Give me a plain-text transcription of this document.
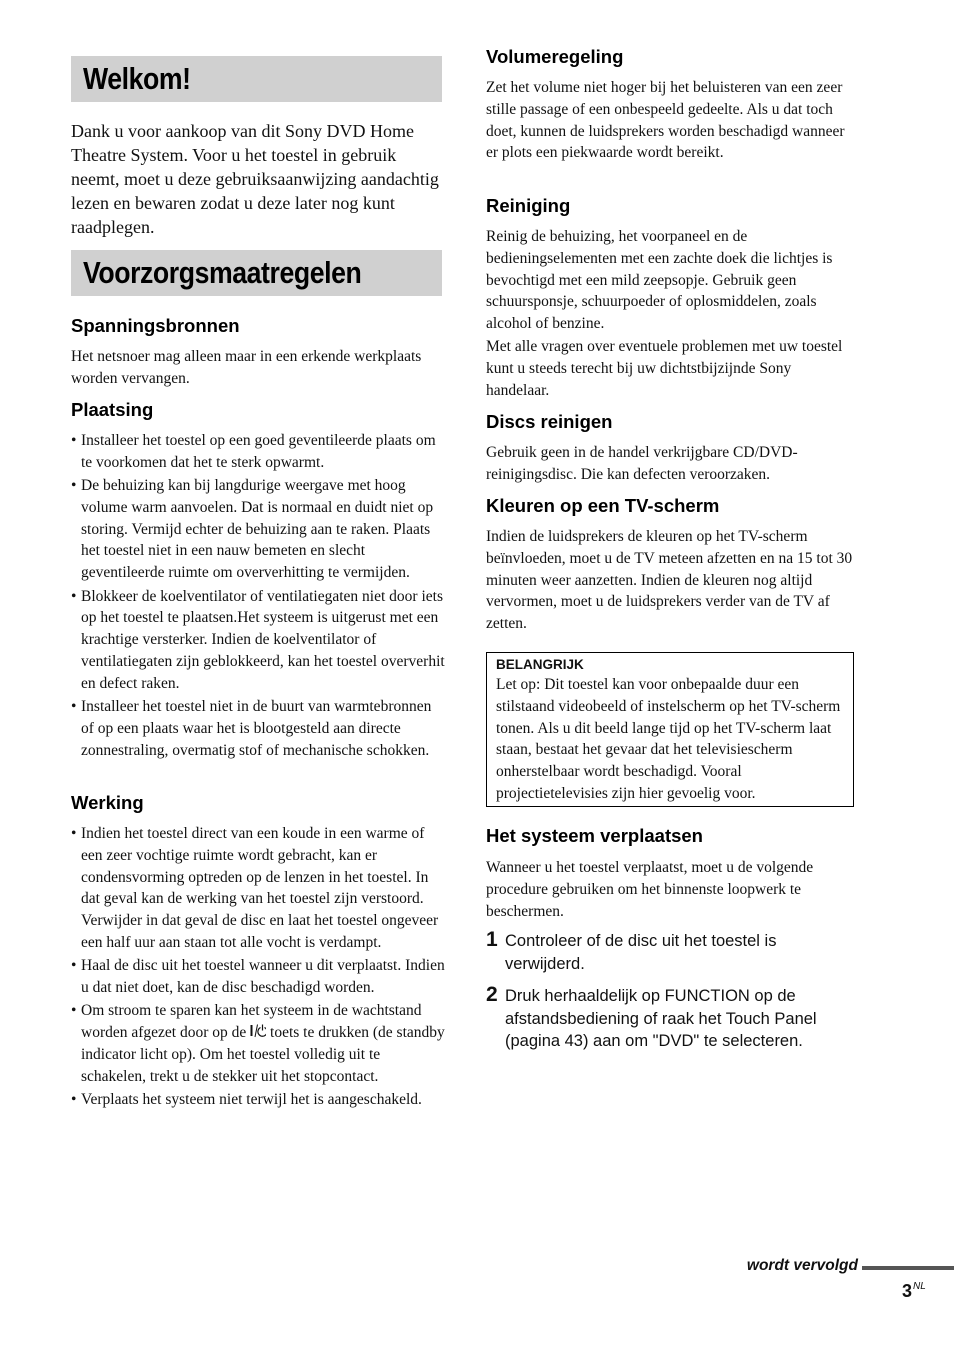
Welkom!

Dank u voor aankoop van dit Sony DVD Home Theatre System. Voor u het toestel in gebruik neemt, moet u deze gebruiksaanwijzing aandachtig lezen en bewaren zodat u deze later nog kunt raadplegen.

Voorzorgsmaatregelen
Spanningsbronnen

Het netsnoer mag alleen maar in een erkende werkplaats worden vervangen.

Plaatsing
• Installeer het toestel op een goed geventileerde plaats om te voorkomen dat het te sterk opwarmt.
• De behuizing kan bij langdurige weergave met hoog volume warm aanvoelen. Dat is normaal en duidt niet op storing. Vermijd echter de behuizing aan te raken. Plaats het toestel niet in een nauw bemeten en slecht geventileerde ruimte om oververhitting te vermijden.
• Blokkeer de koelventilator of ventilatiegaten niet door iets op het toestel te plaatsen.Het systeem is uitgerust met een krachtige versterker. Indien de koelventilator of ventilatiegaten zijn geblokkeerd, kan het toestel oververhit en defect raken.
• Installeer het toestel niet in de buurt van warmtebronnen of op een plaats waar het is blootgesteld aan directe zonnestraling, overmatig stof of mechanische schokken.
Werking
• Indien het toestel direct van een koude in een warme of een zeer vochtige ruimte wordt gebracht, kan er condensvorming optreden op de lenzen in het toestel. In dat geval kan de werking van het toestel zijn verstoord. Verwijder in dat geval de disc en laat het toestel ongeveer een half uur aan staan tot alle vocht is verdampt.
• Haal de disc uit het toestel wanneer u dit verplaatst. Indien u dat niet doet, kan de disc beschadigd worden.
• Om stroom te sparen kan het systeem in de wachtstand worden afgezet door op de  toets te drukken (de standby indicator licht op). Om het toestel volledig uit te schakelen, trekt u de stekker uit het stopcontact.
• Verplaats het systeem niet terwijl het is aangeschakeld.
Volumeregeling

Zet het volume niet hoger bij het beluisteren van een zeer stille passage of een onbespeeld gedeelte. Als u dat toch doet, kunnen de luidsprekers worden beschadigd wanneer er plots een piekwaarde wordt bereikt.

Reiniging

Reinig de behuizing, het voorpaneel en de bedieningselementen met een zachte doek die lichtjes is bevochtigd met een mild zeepsopje. Gebruik geen schuursponsje, schuurpoeder of oplosmiddelen, zoals alcohol of benzine.

Met alle vragen over eventuele problemen met uw toestel kunt u steeds terecht bij uw dichtstbijzijnde Sony handelaar.

Discs reinigen

Gebruik geen in de handel verkrijgbare CD/DVD-reinigingsdisc. Die kan defecten veroorzaken.

Kleuren op een TV-scherm

Indien de luidsprekers de kleuren op het TV-scherm beïnvloeden, moet u de TV meteen afzetten en na 15 tot 30 minuten weer aanzetten. Indien de kleuren nog altijd vervormen, moet u de luidsprekers verder van de TV af zetten.

BELANGRIJK
Let op: Dit toestel kan voor onbepaalde duur een stilstaand videobeeld of instelscherm op het TV-scherm tonen. Als u dit beeld lange tijd op het TV-scherm laat staan, bestaat het gevaar dat het televisiescherm onherstelbaar wordt beschadigd. Vooral projectietelevisies zijn hier gevoelig voor.
Het systeem verplaatsen

Wanneer u het toestel verplaatst, moet u de volgende procedure gebruiken om het binnenste loopwerk te beschermen.

1 Controleer of de disc uit het toestel is verwijderd.
2 Druk herhaaldelijk op FUNCTION op de afstandsbediening of raak het Touch Panel (pagina 43) aan om "DVD" te selecteren.
wordt vervolgd
$3^{NL}$
